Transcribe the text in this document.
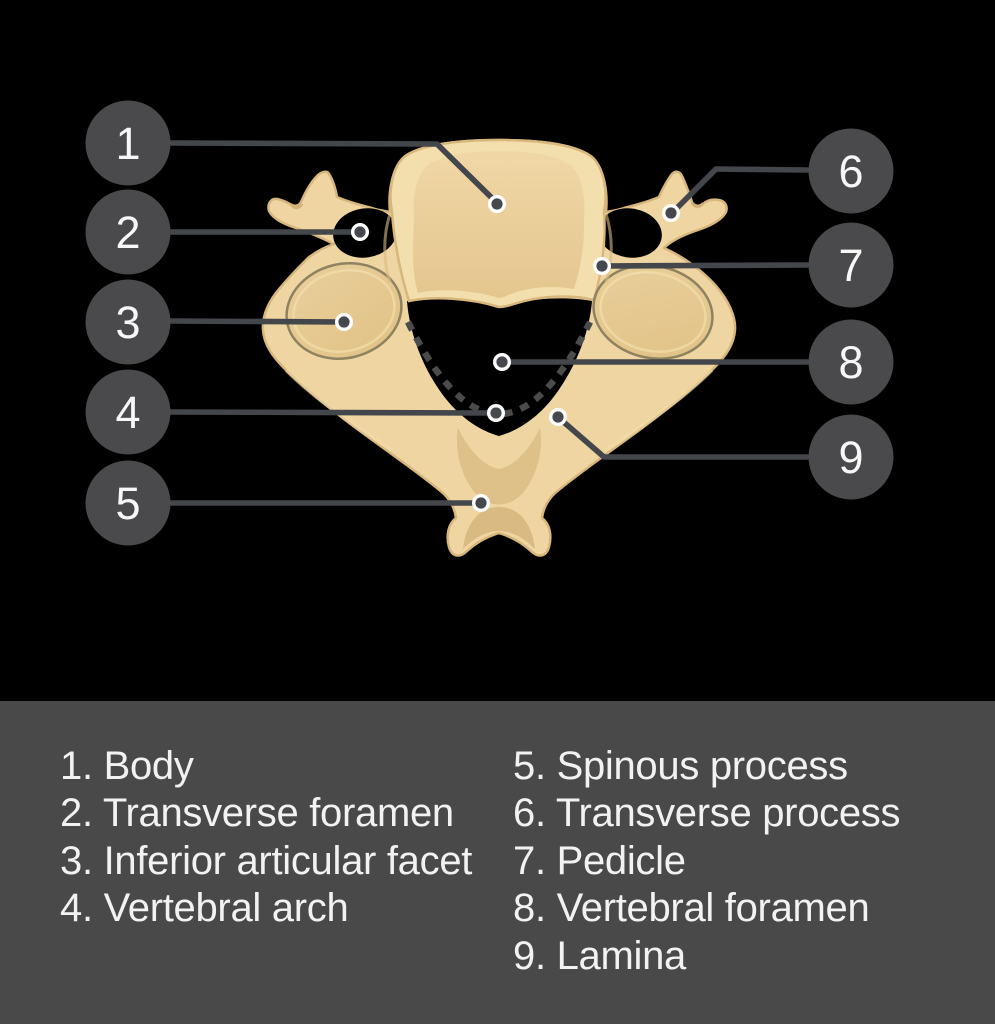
1
2
3
4
5
6
7
8
9
1. Body
2. Transverse foramen
3. Inferior articular facet
4. Vertebral arch
5. Spinous process
6. Transverse process
7. Pedicle
8. Vertebral foramen
9. Lamina
